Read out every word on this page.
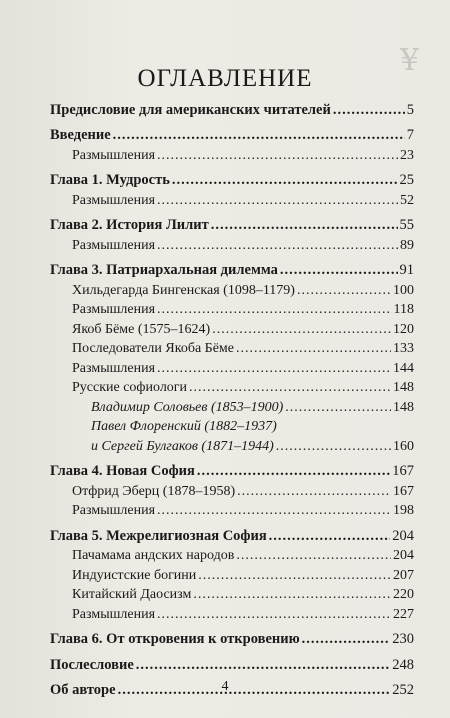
¥
ОГЛАВЛЕНИЕ
Предисловие для американских читателей .....	5
Введение .....	7
Размышления .....	23
Глава 1. Мудрость .....	25
Размышления .....	52
Глава 2. История Лилит .....	55
Размышления .....	89
Глава 3. Патриархальная дилемма .....	91
Хильдегарда Бингенская (1098–1179) .....	100
Размышления .....	118
Якоб Бёме (1575–1624) .....	120
Последователи Якоба Бёме .....	133
Размышления .....	144
Русские софиологи .....	148
Владимир Соловьев (1853–1900) .....	148
Павел Флоренский (1882–1937)
и Сергей Булгаков (1871–1944) .....	160
Глава 4. Новая София .....	167
Отфрид Эберц (1878–1958) .....	167
Размышления .....	198
Глава 5. Межрелигиозная София .....	204
Пачамама андских народов .....	204
Индуистские богини .....	207
Китайский Даосизм .....	220
Размышления .....	227
Глава 6. От откровения к откровению .....	230
Послесловие .....	248
Об авторе .....	252
4
